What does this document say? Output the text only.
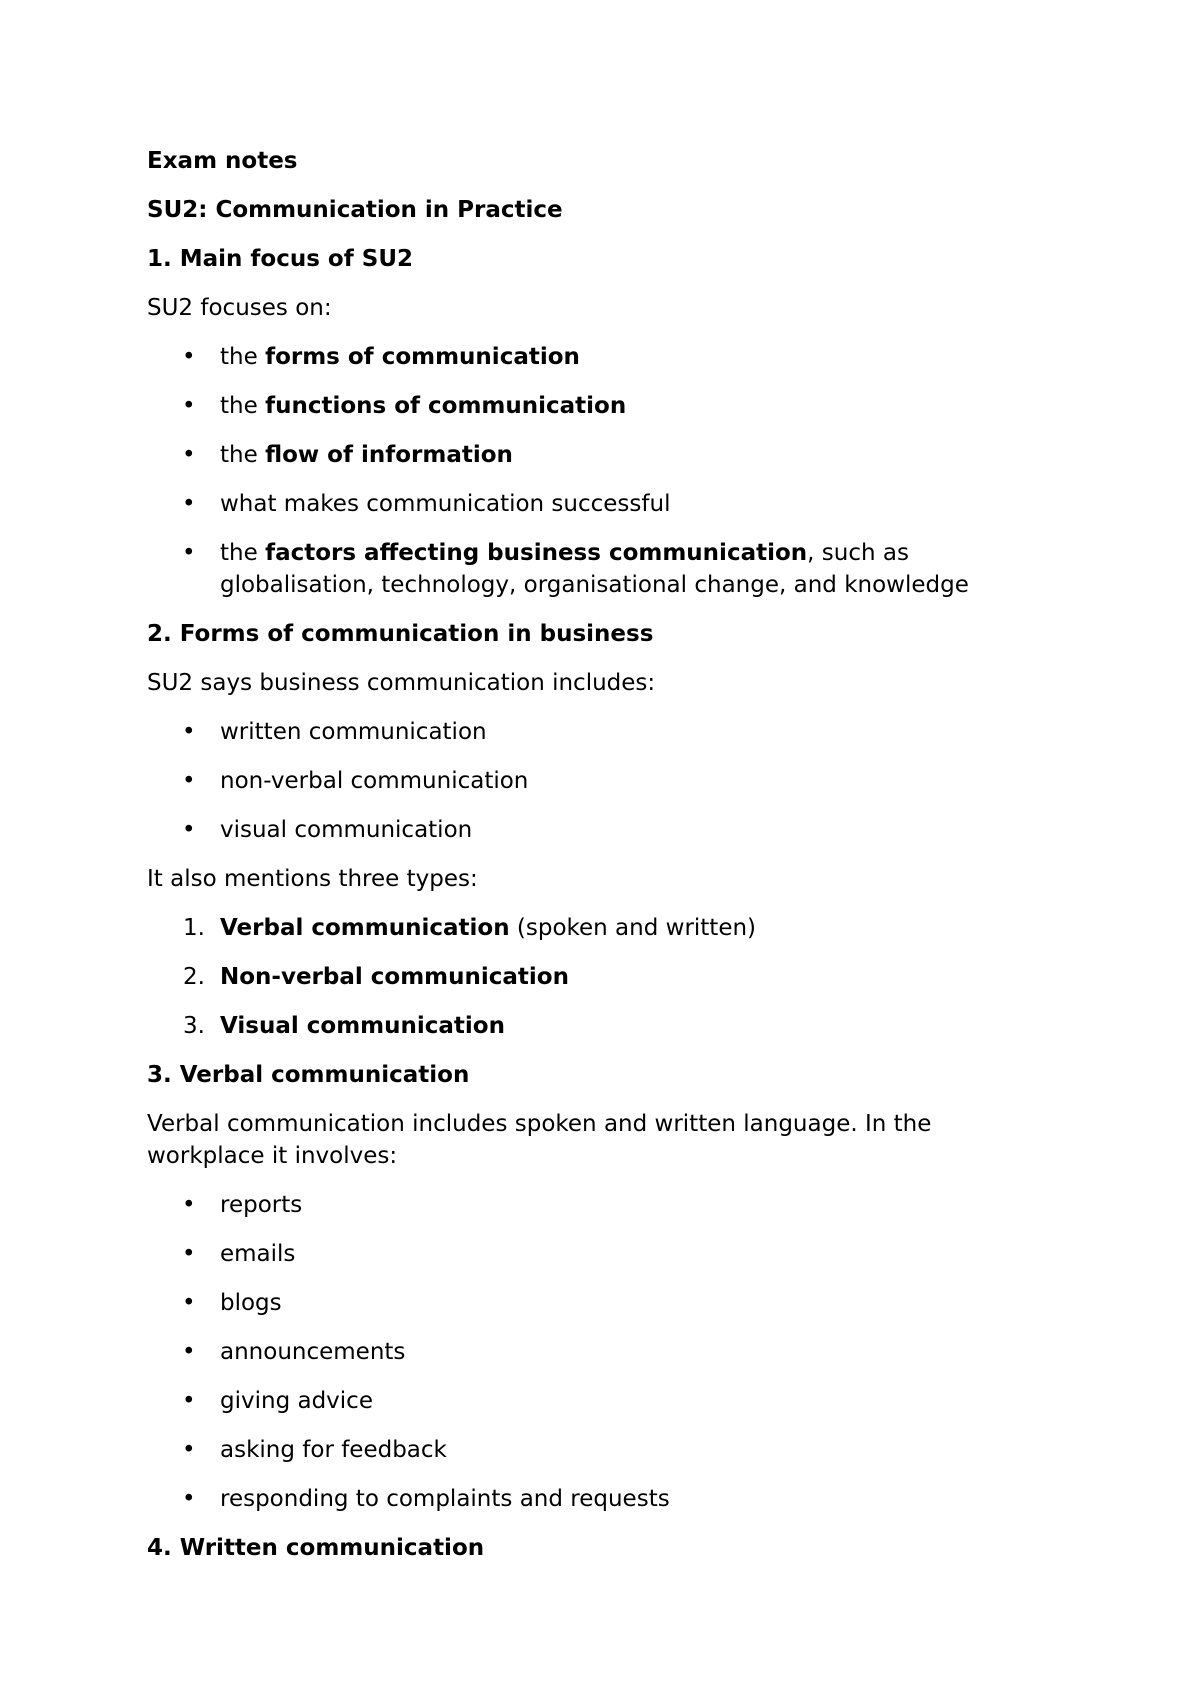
Exam notes
SU2: Communication in Practice
1. Main focus of SU2
SU2 focuses on:
• the forms of communication
• the functions of communication
• the flow of information
• what makes communication successful
• the factors affecting business communication, such as globalisation, technology, organisational change, and knowledge
2. Forms of communication in business
SU2 says business communication includes:
• written communication
• non-verbal communication
• visual communication
It also mentions three types:
1. Verbal communication (spoken and written)
2. Non-verbal communication
3. Visual communication
3. Verbal communication
Verbal communication includes spoken and written language. In the workplace it involves:
• reports
• emails
• blogs
• announcements
• giving advice
• asking for feedback
• responding to complaints and requests
4. Written communication
